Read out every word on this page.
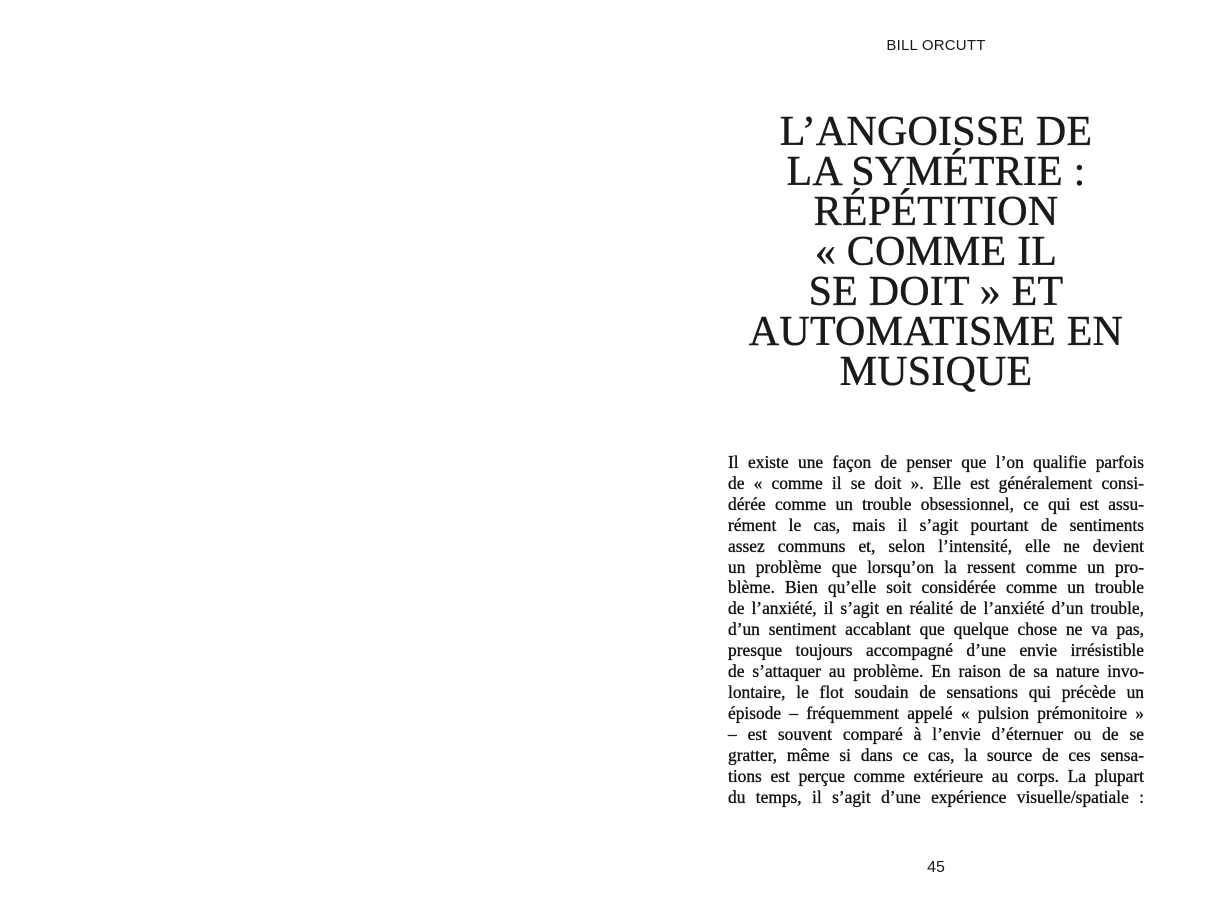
BILL ORCUTT
L’ANGOISSE DE
LA SYMÉTRIE :
RÉPÉTITION
« COMME IL
SE DOIT » ET
AUTOMATISME EN
MUSIQUE

Il existe une façon de penser que l’on qualifie parfois
de « comme il se doit ». Elle est généralement consi-
dérée comme un trouble obsessionnel, ce qui est assu-
rément le cas, mais il s’agit pourtant de sentiments
assez communs et, selon l’intensité, elle ne devient
un problème que lorsqu’on la ressent comme un pro-
blème. Bien qu’elle soit considérée comme un trouble
de l’anxiété, il s’agit en réalité de l’anxiété d’un trouble,
d’un sentiment accablant que quelque chose ne va pas,
presque toujours accompagné d’une envie irrésistible
de s’attaquer au problème. En raison de sa nature invo-
lontaire, le flot soudain de sensations qui précède un
épisode – fréquemment appelé « pulsion prémonitoire »
– est souvent comparé à l’envie d’éternuer ou de se
gratter, même si dans ce cas, la source de ces sensa-
tions est perçue comme extérieure au corps. La plupart
du temps, il s’agit d’une expérience visuelle/spatiale :

45
